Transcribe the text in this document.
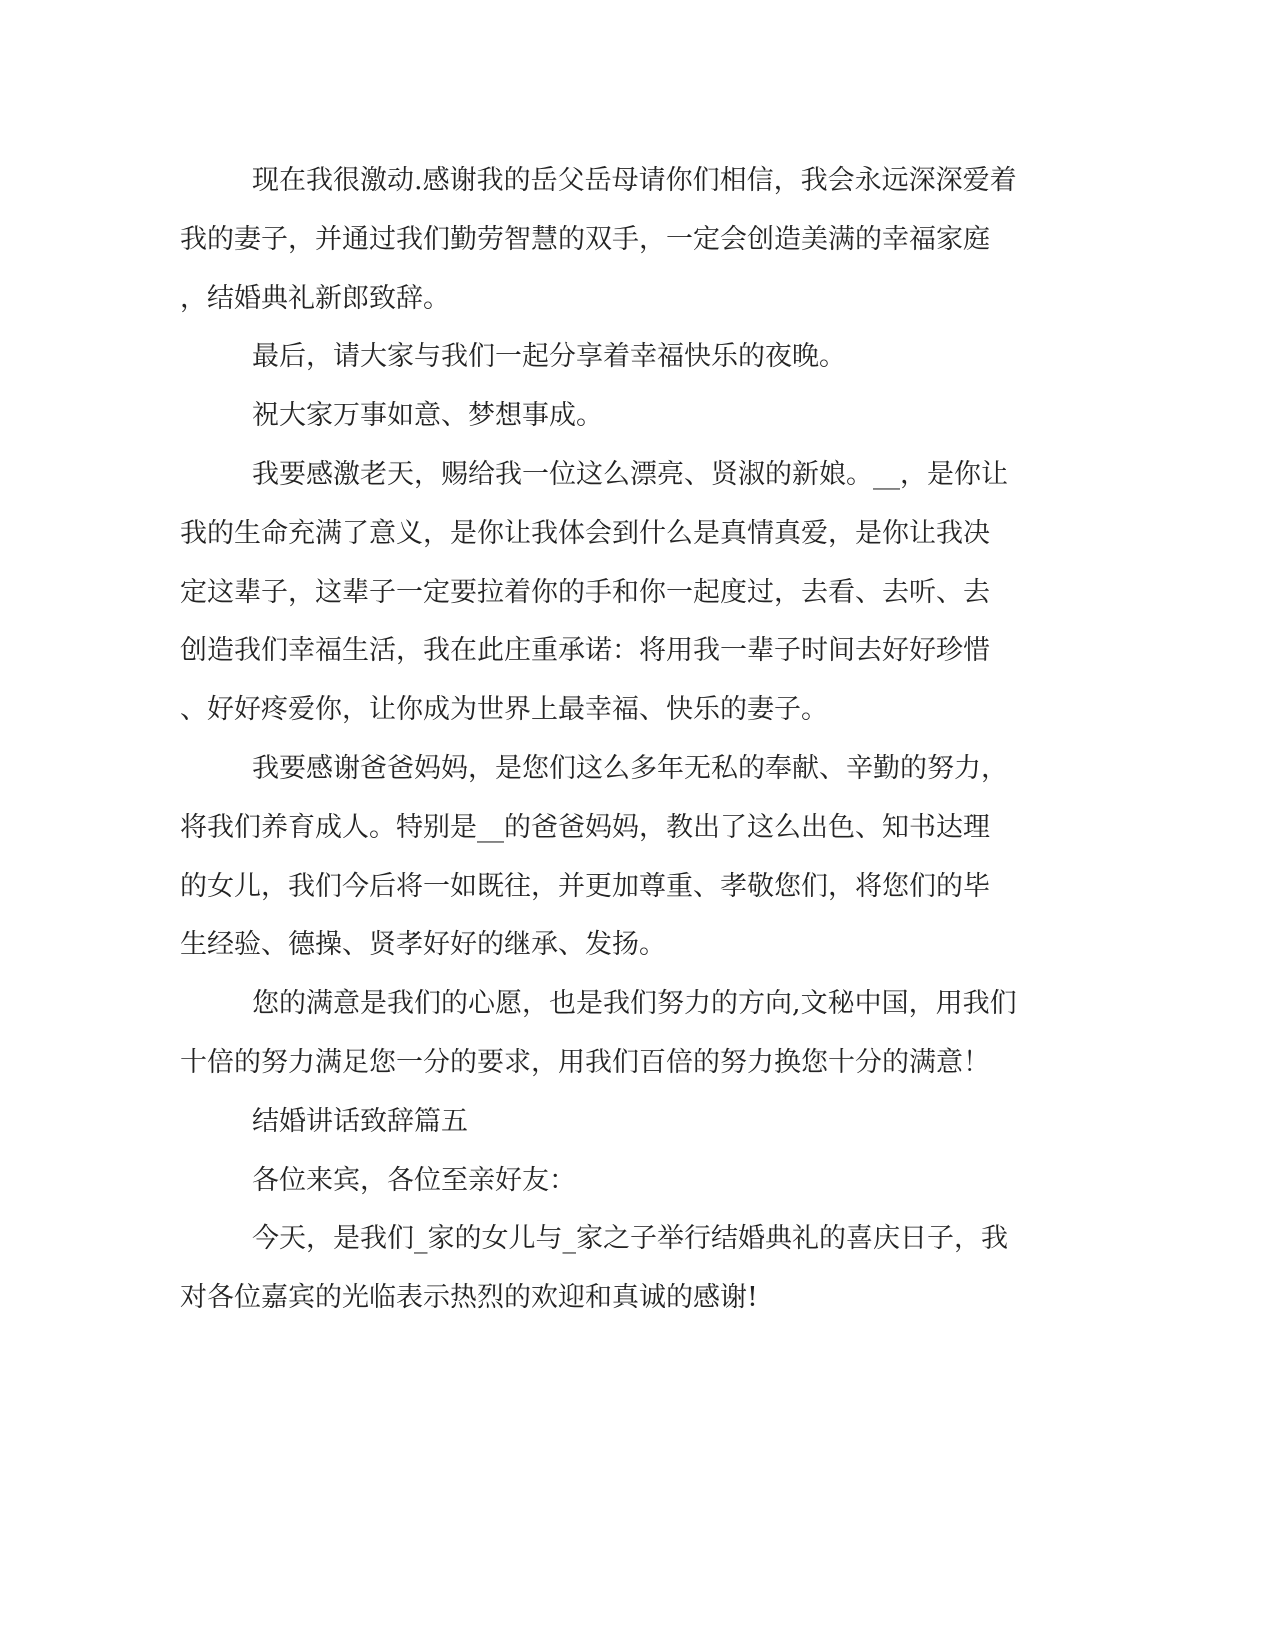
现在我很激动.感谢我的岳父岳母请你们相信，我会永远深深爱着
我的妻子，并通过我们勤劳智慧的双手，一定会创造美满的幸福家庭
，结婚典礼新郎致辞。
最后，请大家与我们一起分享着幸福快乐的夜晚。
祝大家万事如意、梦想事成。
我要感激老天，赐给我一位这么漂亮、贤淑的新娘。__，是你让
我的生命充满了意义，是你让我体会到什么是真情真爱，是你让我决
定这辈子，这辈子一定要拉着你的手和你一起度过，去看、去听、去
创造我们幸福生活，我在此庄重承诺：将用我一辈子时间去好好珍惜
、好好疼爱你，让你成为世界上最幸福、快乐的妻子。
我要感谢爸爸妈妈，是您们这么多年无私的奉献、辛勤的努力，
将我们养育成人。特别是__的爸爸妈妈，教出了这么出色、知书达理
的女儿，我们今后将一如既往，并更加尊重、孝敬您们，将您们的毕
生经验、德操、贤孝好好的继承、发扬。
您的满意是我们的心愿，也是我们努力的方向,文秘中国，用我们
十倍的努力满足您一分的要求，用我们百倍的努力换您十分的满意！
结婚讲话致辞篇五
各位来宾，各位至亲好友：
今天，是我们_家的女儿与_家之子举行结婚典礼的喜庆日子，我
对各位嘉宾的光临表示热烈的欢迎和真诚的感谢!
